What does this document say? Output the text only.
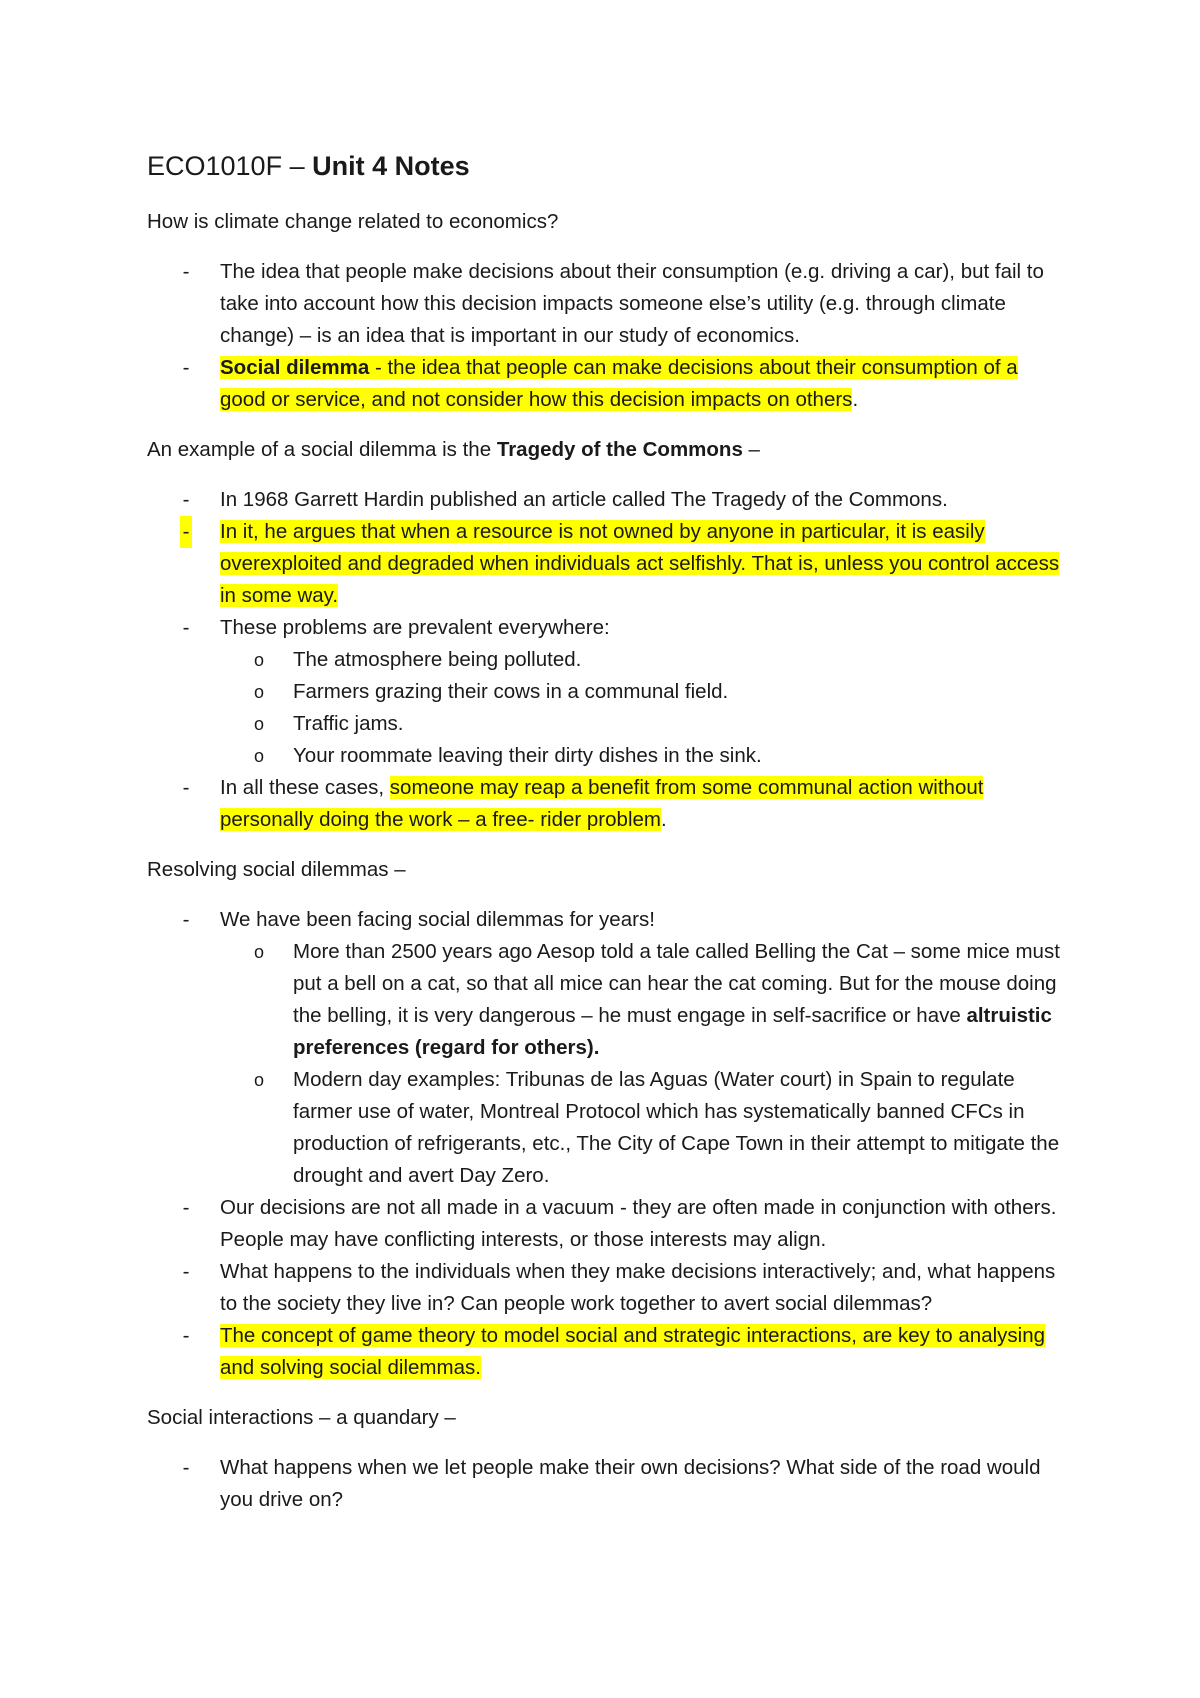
ECO1010F – Unit 4 Notes

How is climate change related to economics?

- The idea that people make decisions about their consumption (e.g. driving a car), but fail to take into account how this decision impacts someone else’s utility (e.g. through climate change) – is an idea that is important in our study of economics.
- Social dilemma - the idea that people can make decisions about their consumption of a good or service, and not consider how this decision impacts on others.

An example of a social dilemma is the Tragedy of the Commons –

- In 1968 Garrett Hardin published an article called The Tragedy of the Commons.
- In it, he argues that when a resource is not owned by anyone in particular, it is easily overexploited and degraded when individuals act selfishly. That is, unless you control access in some way.
- These problems are prevalent everywhere:
o The atmosphere being polluted.
o Farmers grazing their cows in a communal field.
o Traffic jams.
o Your roommate leaving their dirty dishes in the sink.
- In all these cases, someone may reap a benefit from some communal action without personally doing the work – a free- rider problem.

Resolving social dilemmas –

- We have been facing social dilemmas for years!
o More than 2500 years ago Aesop told a tale called Belling the Cat – some mice must put a bell on a cat, so that all mice can hear the cat coming. But for the mouse doing the belling, it is very dangerous – he must engage in self-sacrifice or have altruistic preferences (regard for others).
o Modern day examples: Tribunas de las Aguas (Water court) in Spain to regulate farmer use of water, Montreal Protocol which has systematically banned CFCs in production of refrigerants, etc., The City of Cape Town in their attempt to mitigate the drought and avert Day Zero.
- Our decisions are not all made in a vacuum - they are often made in conjunction with others. People may have conflicting interests, or those interests may align.
- What happens to the individuals when they make decisions interactively; and, what happens to the society they live in? Can people work together to avert social dilemmas?
- The concept of game theory to model social and strategic interactions, are key to analysing and solving social dilemmas.

Social interactions – a quandary –

- What happens when we let people make their own decisions? What side of the road would you drive on?
